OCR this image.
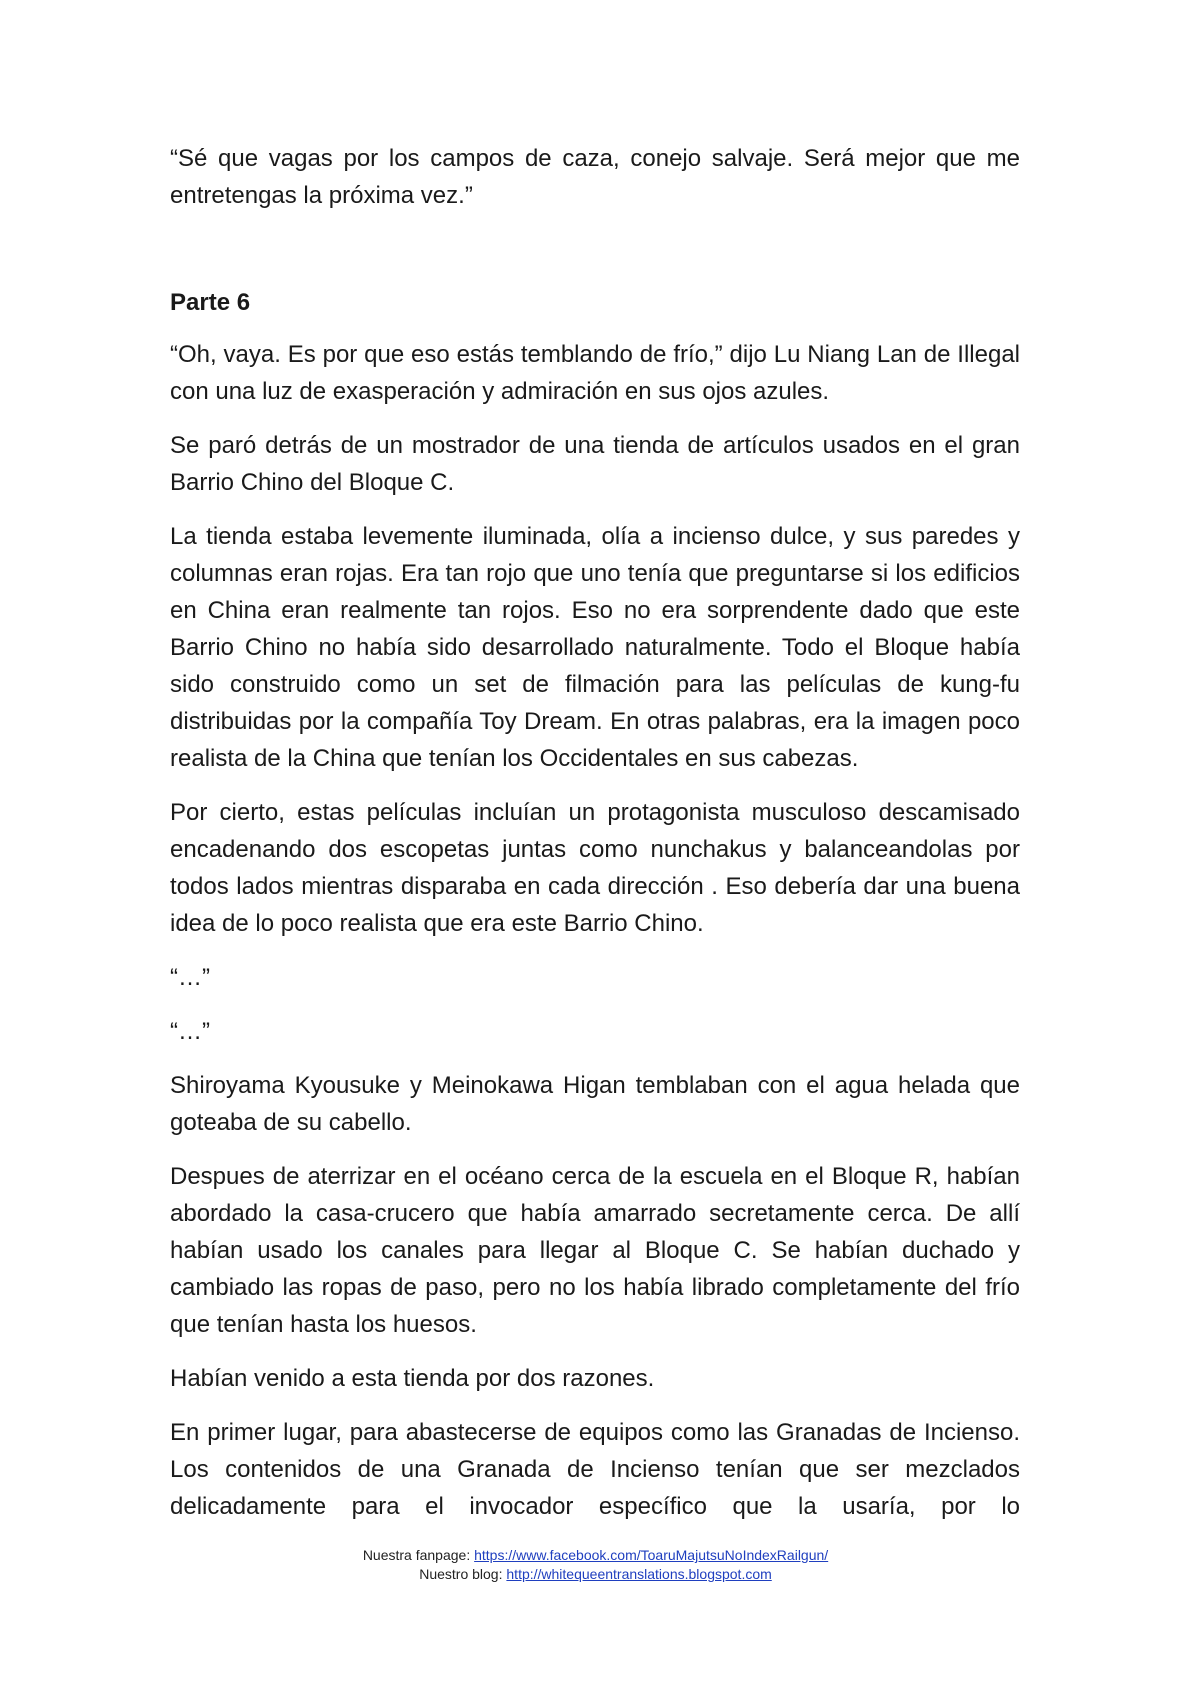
“Sé que vagas por los campos de caza, conejo salvaje. Será mejor que me entretengas la próxima vez.”

Parte 6

“Oh, vaya. Es por que eso estás temblando de frío,” dijo Lu Niang Lan de Illegal con una luz de exasperación y admiración en sus ojos azules.

Se paró detrás de un mostrador de una tienda de artículos usados en el gran Barrio Chino del Bloque C.

La tienda estaba levemente iluminada, olía a incienso dulce, y sus paredes y columnas eran rojas. Era tan rojo que uno tenía que preguntarse si los edificios en China eran realmente tan rojos. Eso no era sorprendente dado que este Barrio Chino no había sido desarrollado naturalmente. Todo el Bloque había sido construido como un set de filmación para las películas de kung-fu distribuidas por la compañía Toy Dream. En otras palabras, era la imagen poco realista de la China que tenían los Occidentales en sus cabezas.

Por cierto, estas películas incluían un protagonista musculoso descamisado encadenando dos escopetas juntas como nunchakus y balanceandolas por todos lados mientras disparaba en cada dirección . Eso debería dar una buena idea de lo poco realista que era este Barrio Chino.

“…”

“…”

Shiroyama Kyousuke y Meinokawa Higan temblaban con el agua helada que goteaba de su cabello.

Despues de aterrizar en el océano cerca de la escuela en el Bloque R, habían abordado la casa-crucero que había amarrado secretamente cerca. De allí habían usado los canales para llegar al Bloque C. Se habían duchado y cambiado las ropas de paso, pero no los había librado completamente del frío que tenían hasta los huesos.

Habían venido a esta tienda por dos razones.

En primer lugar, para abastecerse de equipos como las Granadas de Incienso. Los contenidos de una Granada de Incienso tenían que ser mezclados delicadamente para el invocador específico que la usaría, por lo

Nuestra fanpage: https://www.facebook.com/ToaruMajutsuNoIndexRailgun/
Nuestro blog: http://whitequeentranslations.blogspot.com
